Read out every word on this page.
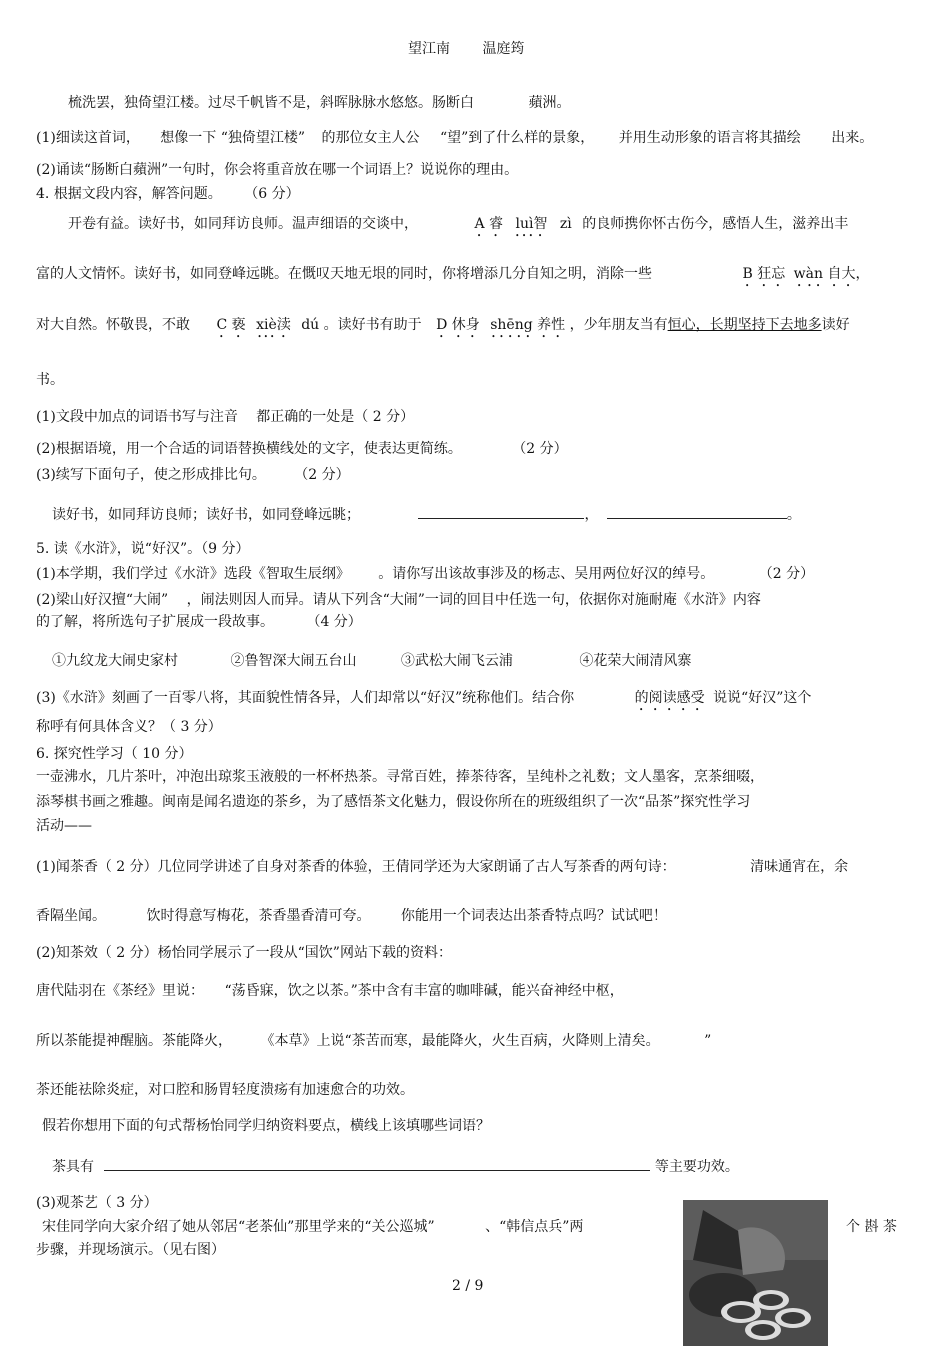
望江南 温庭筠
梳洗罢，独倚望江楼。过尽千帆皆不是，斜晖脉脉水悠悠。肠断白	蘋洲。
(1)细读这首词， 想像一下 “独倚望江楼” 的那位女主人公 “望”到了什么样的景象， 并用生动形象的语言将其描绘 出来。
(2)诵读“肠断白蘋洲”一句时，你会将重音放在哪一个词语上？说说你的理由。
4. 根据文段内容，解答问题。 （6 分）
开卷有益。读好书，如同拜访良师。温声细语的交谈中，	A 睿 luì智 zì 的良师携你怀古伤今，感悟人生，滋养出丰
富的人文情怀。读好书，如同登峰远眺。在慨叹天地无垠的同时，你将增添几分自知之明，消除一些	B 狂忘 wàn 自大，
对大自然。怀敬畏，不敢 C 亵 xiè渎 dú 。读好书有助于 D 休身 shēng 养性 ，少年朋友当有恒心，长期坚持下去地多读好
书。
(1)文段中加点的词语书写与注音 都正确的一处是（ 2 分）
(2)根据语境，用一个合适的词语替换横线处的文字，使表达更简练。	（2 分）
(3)续写下面句子，使之形成排比句。 （2 分）
读好书，如同拜访良师；读好书，如同登峰远眺；	，	。
5. 读《水浒》，说“好汉”。（9 分）
(1)本学期，我们学过《水浒》选段《智取生辰纲》 。请你写出该故事涉及的杨志、吴用两位好汉的绰号。	（2 分）
(2)梁山好汉擅“大闹” ，闹法则因人而异。请从下列含“大闹”一词的回目中任选一句，依据你对施耐庵《水浒》内容
的了解，将所选句子扩展成一段故事。 （4 分）
①九纹龙大闹史家村	②鲁智深大闹五台山	③武松大闹飞云浦	④花荣大闹清风寨
(3)《水浒》刻画了一百零八将，其面貌性情各异，人们却常以“好汉”统称他们。结合你	的阅读感受 说说“好汉”这个
称呼有何具体含义？（ 3 分）
6. 探究性学习（ 10 分）
一壶沸水，几片茶叶，冲泡出琼浆玉液般的一杯杯热茶。寻常百姓，捧茶待客，呈纯朴之礼数；文人墨客，烹茶细啜，
添琴棋书画之雅趣。闽南是闻名遗迩的茶乡，为了感悟茶文化魅力，假设你所在的班级组织了一次“品茶”探究性学习
活动——
(1)闻茶香（ 2 分）几位同学讲述了自身对茶香的体验，王倩同学还为大家朗诵了古人写茶香的两句诗：	清味通宵在，余
香隔坐闻。	饮时得意写梅花，茶香墨香清可夸。 你能用一个词表达出茶香特点吗？试试吧！
(2)知茶效（ 2 分）杨怡同学展示了一段从“国饮”网站下载的资料：
唐代陆羽在《茶经》里说： “荡昏寐，饮之以茶。”茶中含有丰富的咖啡碱，能兴奋神经中枢，
所以茶能提神醒脑。茶能降火， 《本草》上说“茶苦而寒，最能降火，火生百病，火降则上清矣。	”
茶还能祛除炎症，对口腔和肠胃轻度溃疡有加速愈合的功效。
假若你想用下面的句式帮杨怡同学归纳资料要点，横线上该填哪些词语？
茶具有	等主要功效。
(3)观茶艺（ 3 分）
宋佳同学向大家介绍了她从邻居“老茶仙”那里学来的“关公巡城”	、“韩信点兵”两	个 斟 茶
步骤，并现场演示。（见右图）
2 / 9
